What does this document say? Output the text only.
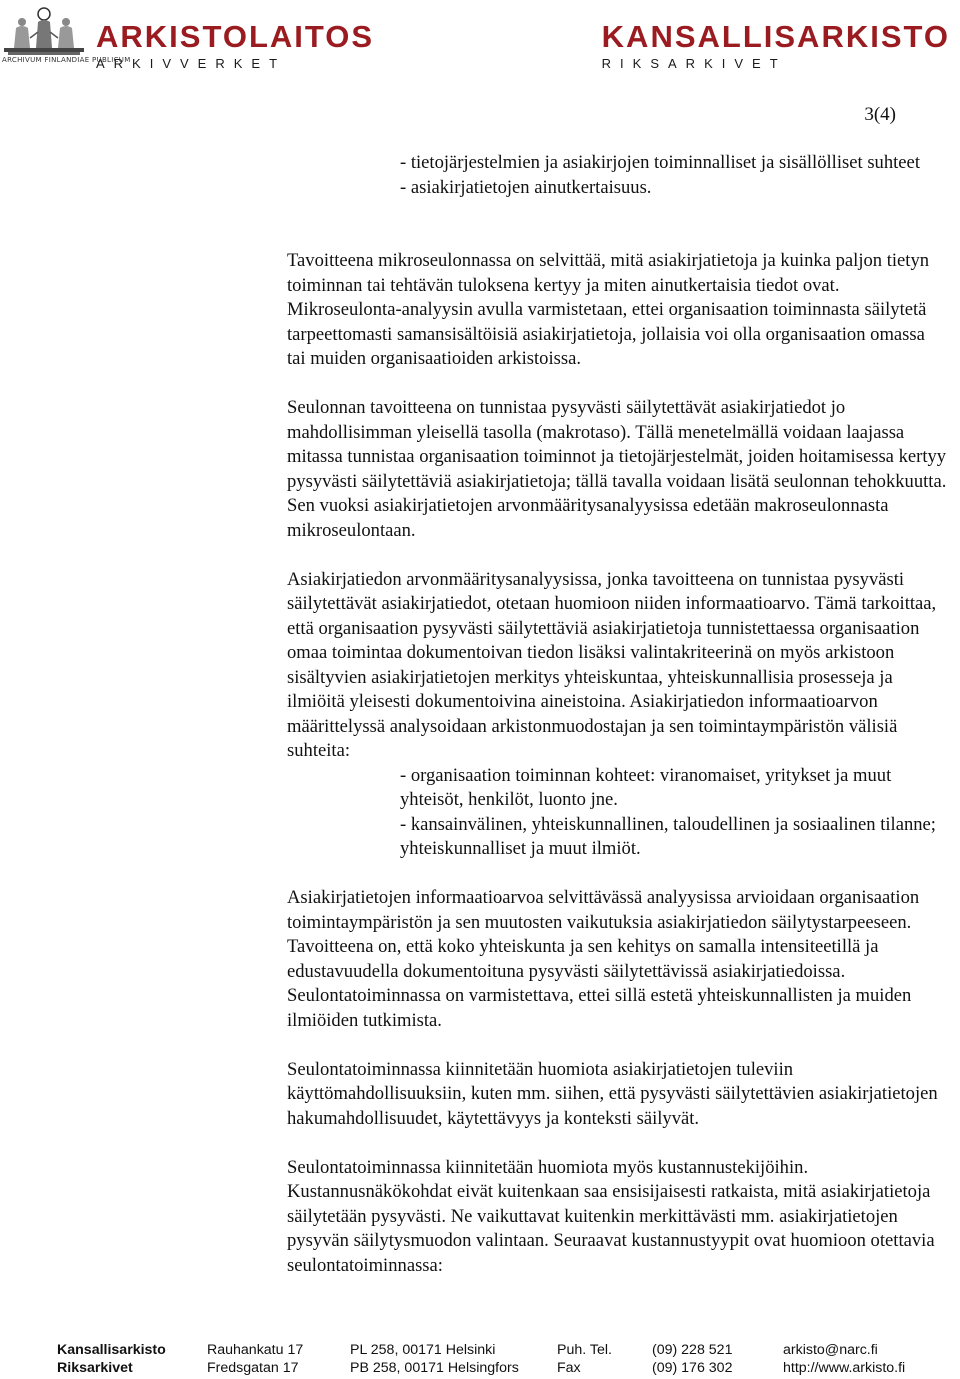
ARKISTOLAITOS
ARKIVVERKET
ARCHIVUM FINLANDIAE PUBLICUM
KANSALLISARKISTO
RIKSARKIVET
3(4)
- tietojärjestelmien ja asiakirjojen toiminnalliset ja sisällölliset suhteet
- asiakirjatietojen ainutkertaisuus.

Tavoitteena mikroseulonnassa on selvittää, mitä asiakirjatietoja ja kuinka paljon tietyn toiminnan tai tehtävän tuloksena kertyy ja miten ainutkertaisia tiedot ovat. Mikroseulonta-analyysin avulla varmistetaan, ettei organisaation toiminnasta säilytetä tarpeettomasti samansisältöisiä asiakirjatietoja, jollaisia voi olla organisaation omassa tai muiden organisaatioiden arkistoissa.

Seulonnan tavoitteena on tunnistaa pysyvästi säilytettävät asiakirjatiedot jo mahdollisimman yleisellä tasolla (makrotaso). Tällä menetelmällä voidaan laajassa mitassa tunnistaa organisaation toiminnot ja tietojärjestelmät, joiden hoitamisessa kertyy pysyvästi säilytettäviä asiakirjatietoja; tällä tavalla voidaan lisätä seulonnan tehokkuutta. Sen vuoksi asiakirjatietojen arvonmääritysanalyysissa edetään makroseulonnasta mikroseulontaan.

Asiakirjatiedon arvonmääritysanalyysissa, jonka tavoitteena on tunnistaa pysyvästi säilytettävät asiakirjatiedot, otetaan huomioon niiden informaatioarvo. Tämä tarkoittaa, että organisaation pysyvästi säilytettäviä asiakirjatietoja tunnistettaessa organisaation omaa toimintaa dokumentoivan tiedon lisäksi valintakriteerinä on myös arkistoon sisältyvien asiakirjatietojen merkitys yhteiskuntaa, yhteiskunnallisia prosesseja ja ilmiöitä yleisesti dokumentoivina aineistoina. Asiakirjatiedon informaatioarvon määrittelyssä analysoidaan arkistonmuodostajan ja sen toimintaympäristön välisiä suhteita:
- organisaation toiminnan kohteet: viranomaiset, yritykset ja muut yhteisöt, henkilöt, luonto jne.
- kansainvälinen, yhteiskunnallinen, taloudellinen ja sosiaalinen tilanne; yhteiskunnalliset ja muut ilmiöt.

Asiakirjatietojen informaatioarvoa selvittävässä analyysissa arvioidaan organisaation toimintaympäristön ja sen muutosten vaikutuksia asiakirjatiedon säilytystarpeeseen. Tavoitteena on, että koko yhteiskunta ja sen kehitys on samalla intensiteetillä ja edustavuudella dokumentoituna pysyvästi säilytettävissä asiakirjatiedoissa. Seulontatoiminnassa on varmistettava, ettei sillä estetä yhteiskunnallisten ja muiden ilmiöiden tutkimista.

Seulontatoiminnassa kiinnitetään huomiota asiakirjatietojen tuleviin käyttömahdollisuuksiin, kuten mm. siihen, että pysyvästi säilytettävien asiakirjatietojen hakumahdollisuudet, käytettävyys ja konteksti säilyvät.

Seulontatoiminnassa kiinnitetään huomiota myös kustannustekijöihin. Kustannusnäkökohdat eivät kuitenkaan saa ensisijaisesti ratkaista, mitä asiakirjatietoja säilytetään pysyvästi. Ne vaikuttavat kuitenkin merkittävästi mm. asiakirjatietojen pysyvän säilytysmuodon valintaan. Seuraavat kustannustyypit ovat huomioon otettavia seulontatoiminnassa:

Kansallisarkisto	Rauhankatu 17	PL 258, 00171 Helsinki	Puh. Tel.	(09) 228 521	arkisto@narc.fi
Riksarkivet	Fredsgatan 17	PB 258, 00171 Helsingfors	Fax	(09) 176 302	http://www.arkisto.fi
